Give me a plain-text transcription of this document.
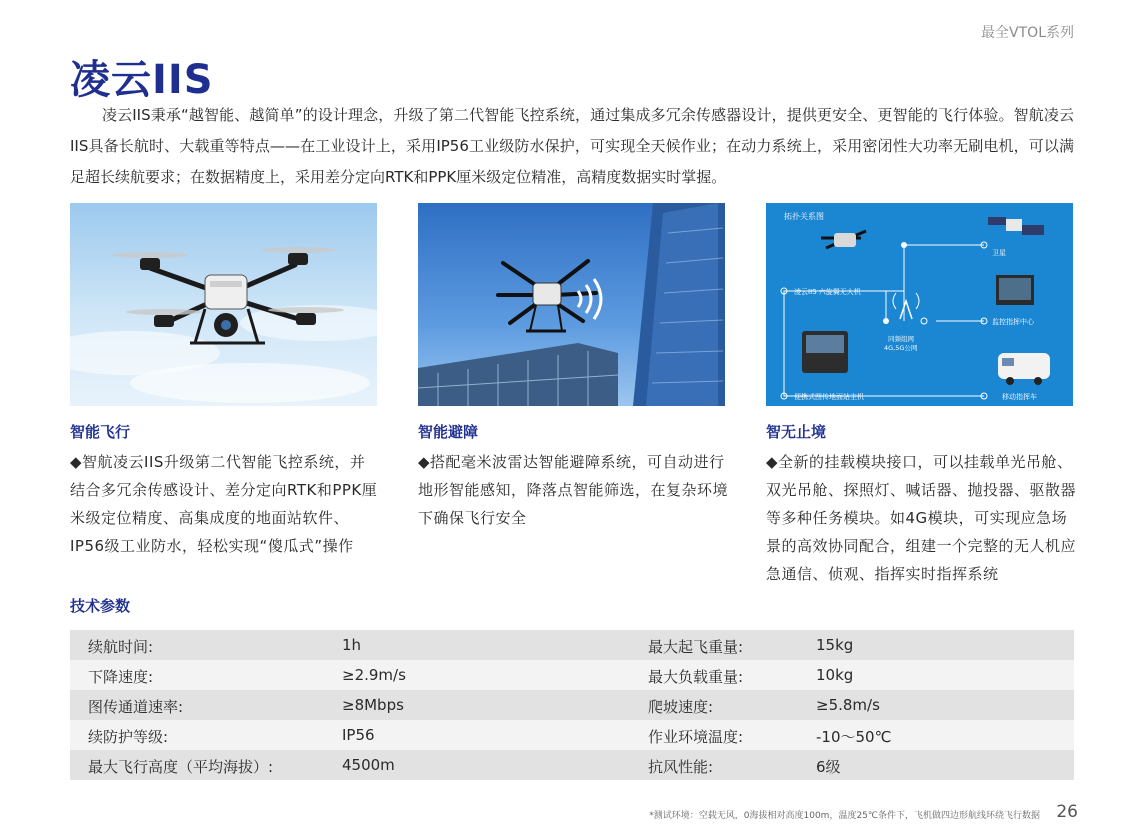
最全VTOL系列
凌云IIS

凌云IIS秉承“越智能、越简单”的设计理念，升级了第二代智能飞控系统，通过集成多冗余传感器设计，提供更安全、更智能的飞行体验。智航凌云IIS具备长航时、大载重等特点——在工业设计上，采用IP56工业级防水保护，可实现全天候作业；在动力系统上，采用密闭性大功率无刷电机，可以满足超长续航要求；在数据精度上，采用差分定向RTK和PPK厘米级定位精准，高精度数据实时掌握。

拓扑关系图
卫星
凌云IIS 六旋翼无人机
监控指挥中心
同频组网 4G,5G公网
便携式图传地面站主机	移动指挥车
智能飞行
◆智航凌云IIS升级第二代智能飞控系统，并结合多冗余传感设计、差分定向RTK和PPK厘米级定位精度、高集成度的地面站软件、IP56级工业防水，轻松实现“傻瓜式”操作
智能避障
◆搭配毫米波雷达智能避障系统，可自动进行地形智能感知，降落点智能筛选，在复杂环境下确保飞行安全
智无止境
◆全新的挂载模块接口，可以挂载单光吊舱、双光吊舱、探照灯、喊话器、抛投器、驱散器等多种任务模块。如4G模块，可实现应急场景的高效协同配合，组建一个完整的无人机应急通信、侦观、指挥实时指挥系统
技术参数
续航时间:	1h	最大起飞重量:	15kg
下降速度:	≥2.9m/s	最大负载重量:	10kg
图传通道速率:	≥8Mbps	爬坡速度:	≥5.8m/s
续防护等级:	IP56	作业环境温度:	-10～50℃
最大飞行高度（平均海拔）:	4500m	抗风性能:	6级
*测试环境：空载无风，0海拔相对高度100m，温度25℃条件下，飞机做四边形航线环绕飞行数据 26
